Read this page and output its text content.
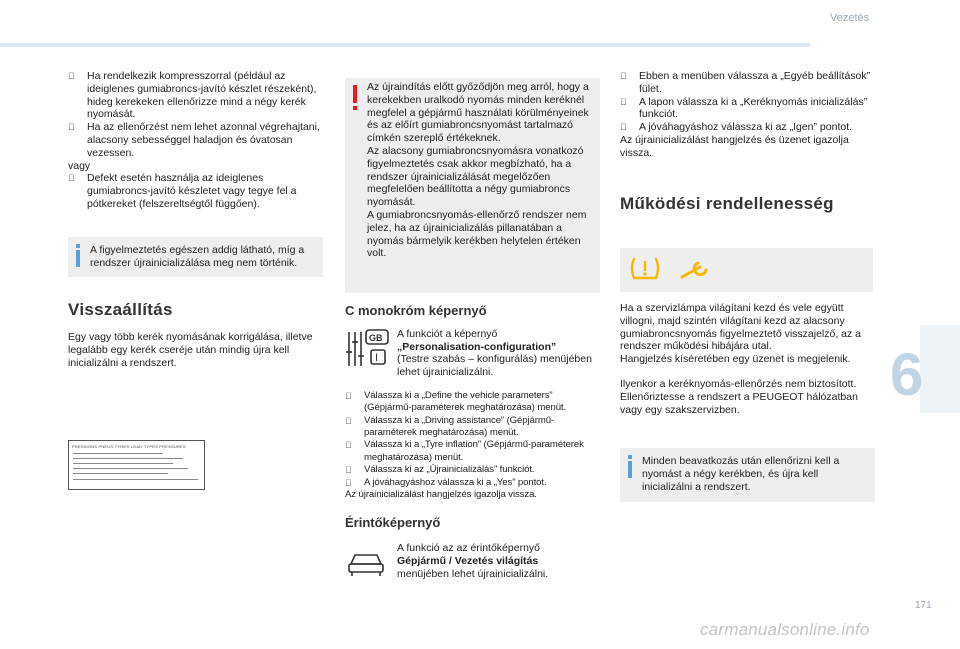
Vezetés
6
171
carmanualsonline.info

Ha rendelkezik kompresszorral (például az ideiglenes gumiabroncs-javító készlet részeként), hideg kerekeken ellenőrizze mind a négy kerék nyomását.

Ha az ellenőrzést nem lehet azonnal végrehajtani, alacsony sebességgel haladjon és óvatosan vezessen.

vagy

Defekt esetén használja az ideiglenes gumiabroncs-javító készletet vagy tegye fel a pótkereket (felszereltségtől függően).

A figyelmeztetés egészen addig látható, míg a rendszer újrainicializálása meg nem történik.
Visszaállítás

Egy vagy több kerék nyomásának korrigálása, illetve legalább egy kerék cseréje után mindig újra kell inicializálni a rendszert.

PRESSIONS PNEUS·TYRES·LOAD·TYPES PRESSURES
Az újraindítás előtt győződjön meg arról, hogy a kerekekben uralkodó nyomás minden keréknél megfelel a gépjármű használati körülményeinek és az előírt gumiabroncsnyomást tartalmazó címkén szereplő értékeknek.
Az alacsony gumiabroncsnyomásra vonatkozó figyelmeztetés csak akkor megbízható, ha a rendszer újrainicializálását megelőzően megfelelően beállította a négy gumiabroncs nyomását.
A gumiabroncsnyomás-ellenőrző rendszer nem jelez, ha az újrainicializálás pillanatában a nyomás bármelyik kerékben helytelen értéken volt.
C monokróm képernyő
GB
I
A funkciót a képernyő
„Personalisation-configuration”
(Testre szabás – konfigurálás) menüjében lehet újrainicializálni.

Válassza ki a „Define the vehicle parameters” (Gépjármű-paraméterek meghatározása) menüt.

Válassza ki a „Driving assistance” (Gépjármű-paraméterek meghatározása) menüt.

Válassza ki a „Tyre inflation” (Gépjármű-paraméterek meghatározása) menüt.

Válassza ki az „Újrainicializálás” funkciót.

A jóváhagyáshoz válassza ki a „Yes” pontot.

Az újrainicializálást hangjelzés igazolja vissza.

Érintőképernyő
A funkció az az érintőképernyő
Gépjármű / Vezetés világítás
menüjében lehet újrainicializálni.

Ebben a menüben válassza a „Egyéb beállítások” fület.

A lapon válassza ki a „Keréknyomás inicializálás” funkciót.

A jóváhagyáshoz válassza ki az „Igen” pontot.

Az újrainicializálást hangjelzés és üzenet igazolja vissza.

Működési rendellenesség

Ha a szervizlámpa világítani kezd és vele együtt villogni, majd szintén világítani kezd az alacsony gumiabroncsnyomás figyelmeztető visszajelző, az a rendszer működési hibájára utal.

Hangjelzés kíséretében egy üzenet is megjelenik.

Ilyenkor a keréknyomás-ellenőrzés nem biztosított.

Ellenőriztesse a rendszert a PEUGEOT hálózatban vagy egy szakszervizben.

Minden beavatkozás után ellenőrizni kell a nyomást a négy kerékben, és újra kell inicializálni a rendszert.
